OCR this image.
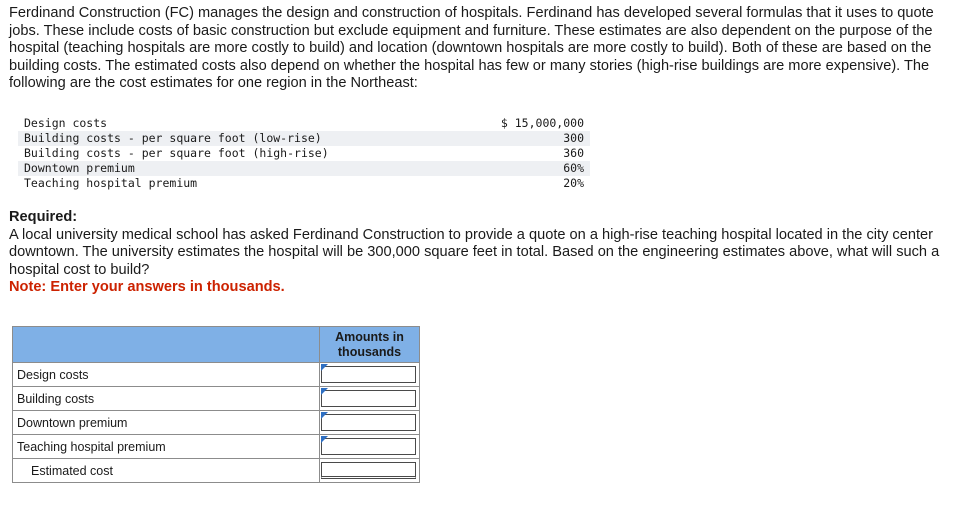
Ferdinand Construction (FC) manages the design and construction of hospitals. Ferdinand has developed several formulas that it uses to quote jobs. These include costs of basic construction but exclude equipment and furniture. These estimates are also dependent on the purpose of the hospital (teaching hospitals are more costly to build) and location (downtown hospitals are more costly to build). Both of these are based on the building costs. The estimated costs also depend on whether the hospital has few or many stories (high-rise buildings are more expensive). The following are the cost estimates for one region in the Northeast:

Design costs	$ 15,000,000
Building costs - per square foot (low-rise)	300
Building costs - per square foot (high-rise)	360
Downtown premium	60%
Teaching hospital premium	20%

Required:

A local university medical school has asked Ferdinand Construction to provide a quote on a high-rise teaching hospital located in the city center downtown. The university estimates the hospital will be 300,000 square feet in total. Based on the engineering estimates above, what will such a hospital cost to build?

Note: Enter your answers in thousands.

	Amounts in thousands
Design costs	

Building costs	

Downtown premium	

Teaching hospital premium	

Estimated cost	
